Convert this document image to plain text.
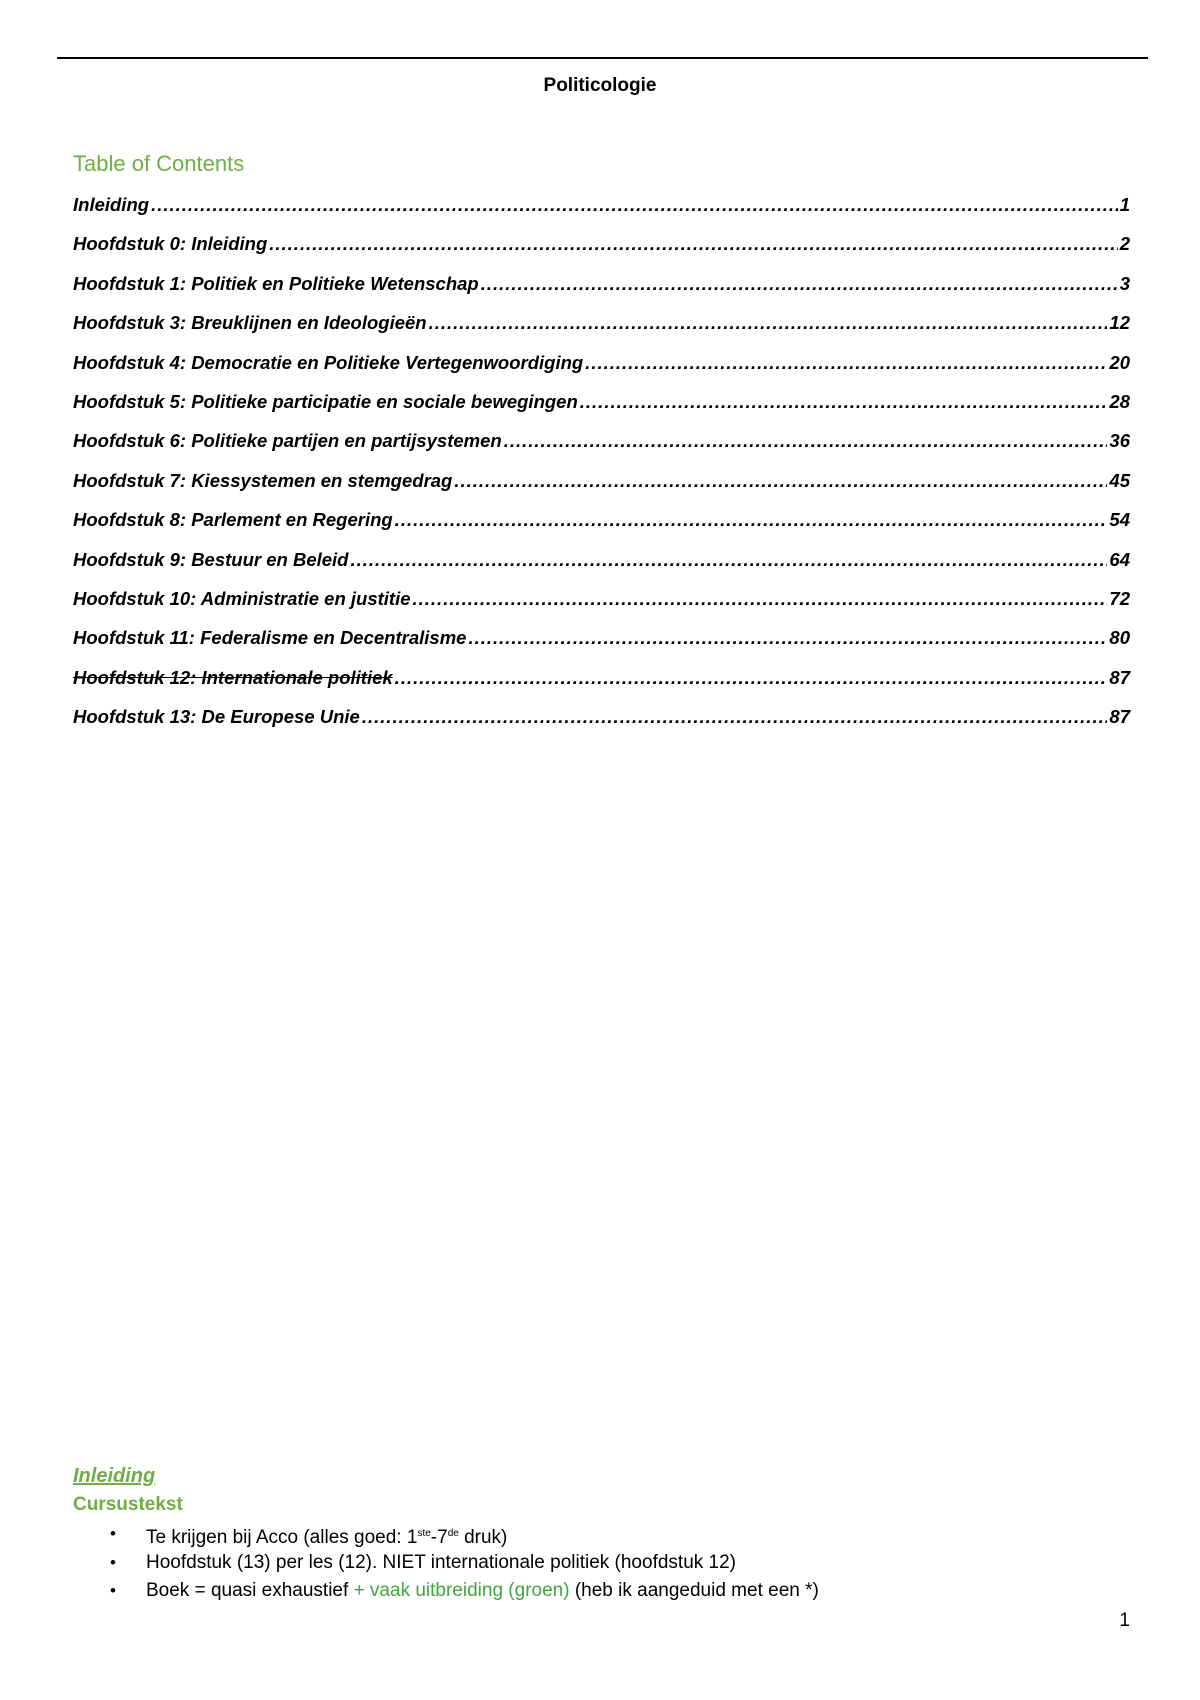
Politicologie
Table of Contents
Inleiding .....	1
Hoofdstuk 0: Inleiding .....	2
Hoofdstuk 1: Politiek en Politieke Wetenschap .....	3
Hoofdstuk 3: Breuklijnen en Ideologieën .....	12
Hoofdstuk 4: Democratie en Politieke Vertegenwoordiging .....	20
Hoofdstuk 5: Politieke participatie en sociale bewegingen .....	28
Hoofdstuk 6: Politieke partijen en partijsystemen .....	36
Hoofdstuk 7: Kiessystemen en stemgedrag .....	45
Hoofdstuk 8: Parlement en Regering .....	54
Hoofdstuk 9: Bestuur en Beleid .....	64
Hoofdstuk 10: Administratie en justitie .....	72
Hoofdstuk 11: Federalisme en Decentralisme .....	80
Hoofdstuk 12: Internationale politiek .....	87
Hoofdstuk 13: De Europese Unie .....	87
Inleiding
Cursustekst
• Te krijgen bij Acco (alles goed: 1ste-7de druk)
• Hoofdstuk (13) per les (12). NIET internationale politiek (hoofdstuk 12)
• Boek = quasi exhaustief + vaak uitbreiding (groen) (heb ik aangeduid met een *)
1
